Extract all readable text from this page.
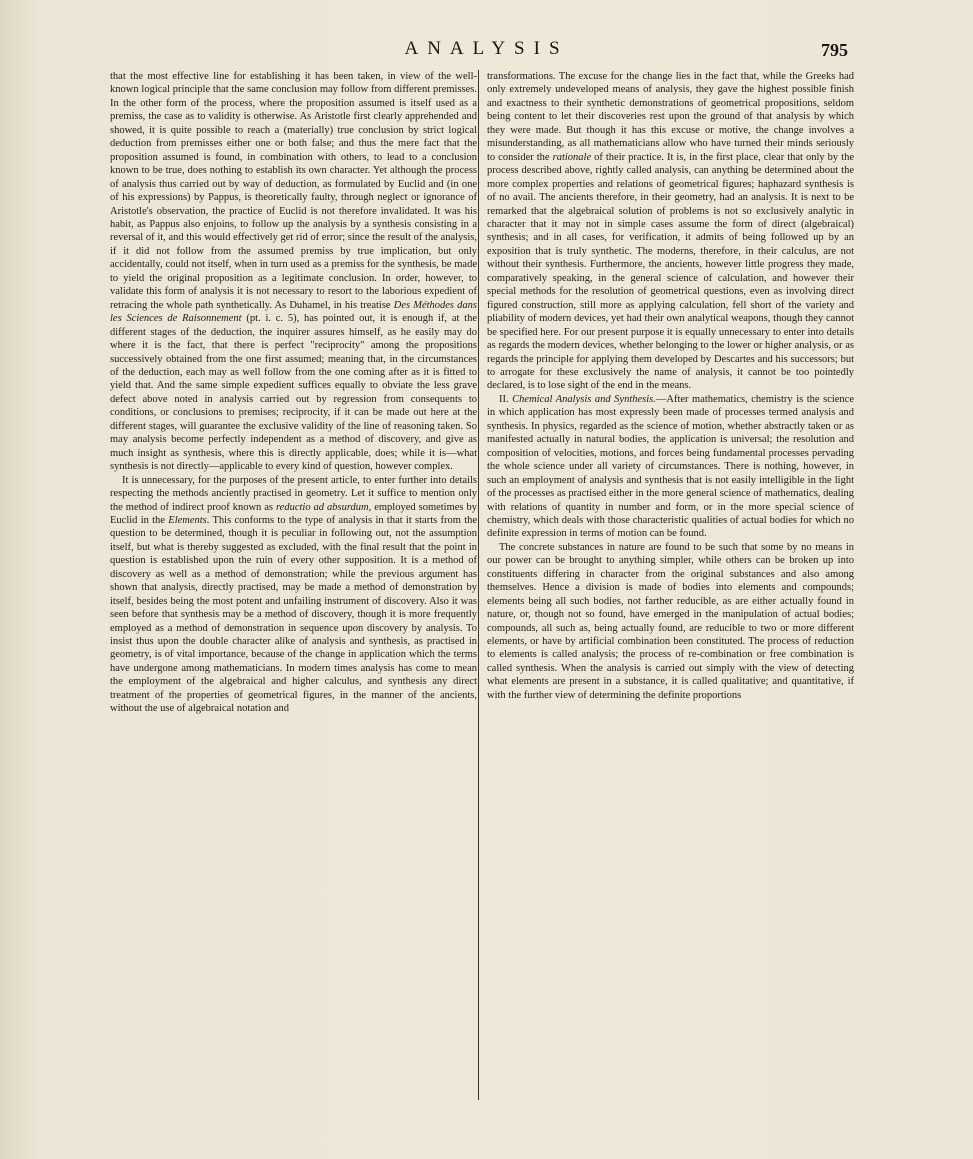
ANALYSIS	795

that the most effective line for establishing it has been taken, in view of the well-known logical principle that the same conclusion may follow from different premisses. In the other form of the process, where the proposition assumed is itself used as a premiss, the case as to validity is otherwise. As Aristotle first clearly apprehended and showed, it is quite possible to reach a (materially) true conclusion by strict logical deduction from premisses either one or both false; and thus the mere fact that the proposition assumed is found, in combination with others, to lead to a conclusion known to be true, does nothing to establish its own character. Yet although the process of analysis thus carried out by way of deduction, as formulated by Euclid and (in one of his expressions) by Pappus, is theoretically faulty, through neglect or ignorance of Aristotle's observation, the practice of Euclid is not therefore invalidated. It was his habit, as Pappus also enjoins, to follow up the analysis by a synthesis consisting in a reversal of it, and this would effectively get rid of error; since the result of the analysis, if it did not follow from the assumed premiss by true implication, but only accidentally, could not itself, when in turn used as a premiss for the synthesis, be made to yield the original proposition as a legitimate conclusion. In order, however, to validate this form of analysis it is not necessary to resort to the laborious expedient of retracing the whole path synthetically. As Duhamel, in his treatise Des Méthodes dans les Sciences de Raisonnement (pt. i. c. 5), has pointed out, it is enough if, at the different stages of the deduction, the inquirer assures himself, as he easily may do where it is the fact, that there is perfect "reciprocity" among the propositions successively obtained from the one first assumed; meaning that, in the circumstances of the deduction, each may as well follow from the one coming after as it is fitted to yield that. And the same simple expedient suffices equally to obviate the less grave defect above noted in analysis carried out by regression from consequents to conditions, or conclusions to premises; reciprocity, if it can be made out here at the different stages, will guarantee the exclusive validity of the line of reasoning taken. So may analysis become perfectly independent as a method of discovery, and give as much insight as synthesis, where this is directly applicable, does; while it is—what synthesis is not directly—applicable to every kind of question, however complex.

It is unnecessary, for the purposes of the present article, to enter further into details respecting the methods anciently practised in geometry. Let it suffice to mention only the method of indirect proof known as reductio ad absurdum, employed sometimes by Euclid in the Elements. This conforms to the type of analysis in that it starts from the question to be determined, though it is peculiar in following out, not the assumption itself, but what is thereby suggested as excluded, with the final result that the point in question is established upon the ruin of every other supposition. It is a method of discovery as well as a method of demonstration; while the previous argument has shown that analysis, directly practised, may be made a method of demonstration by itself, besides being the most potent and unfailing instrument of discovery. Also it was seen before that synthesis may be a method of discovery, though it is more frequently employed as a method of demonstration in sequence upon discovery by analysis. To insist thus upon the double character alike of analysis and synthesis, as practised in geometry, is of vital importance, because of the change in application which the terms have undergone among mathematicians. In modern times analysis has come to mean the employment of the algebraical and higher calculus, and synthesis any direct treatment of the properties of geometrical figures, in the manner of the ancients, without the use of algebraical notation and

transformations. The excuse for the change lies in the fact that, while the Greeks had only extremely undeveloped means of analysis, they gave the highest possible finish and exactness to their synthetic demonstrations of geometrical propositions, seldom being content to let their discoveries rest upon the ground of that analysis by which they were made. But though it has this excuse or motive, the change involves a misunderstanding, as all mathematicians allow who have turned their minds seriously to consider the rationale of their practice. It is, in the first place, clear that only by the process described above, rightly called analysis, can anything be determined about the more complex properties and relations of geometrical figures; haphazard synthesis is of no avail. The ancients therefore, in their geometry, had an analysis. It is next to be remarked that the algebraical solution of problems is not so exclusively analytic in character that it may not in simple cases assume the form of direct (algebraical) synthesis; and in all cases, for verification, it admits of being followed up by an exposition that is truly synthetic. The moderns, therefore, in their calculus, are not without their synthesis. Furthermore, the ancients, however little progress they made, comparatively speaking, in the general science of calculation, and however their special methods for the resolution of geometrical questions, even as involving direct figured construction, still more as applying calculation, fell short of the variety and pliability of modern devices, yet had their own analytical weapons, though they cannot be specified here. For our present purpose it is equally unnecessary to enter into details as regards the modern devices, whether belonging to the lower or higher analysis, or as regards the principle for applying them developed by Descartes and his successors; but to arrogate for these exclusively the name of analysis, it cannot be too pointedly declared, is to lose sight of the end in the means.

II. Chemical Analysis and Synthesis.—After mathematics, chemistry is the science in which application has most expressly been made of processes termed analysis and synthesis. In physics, regarded as the science of motion, whether abstractly taken or as manifested actually in natural bodies, the application is universal; the resolution and composition of velocities, motions, and forces being fundamental processes pervading the whole science under all variety of circumstances. There is nothing, however, in such an employment of analysis and synthesis that is not easily intelligible in the light of the processes as practised either in the more general science of mathematics, dealing with relations of quantity in number and form, or in the more special science of chemistry, which deals with those characteristic qualities of actual bodies for which no definite expression in terms of motion can be found.

The concrete substances in nature are found to be such that some by no means in our power can be brought to anything simpler, while others can be broken up into constituents differing in character from the original substances and also among themselves. Hence a division is made of bodies into elements and compounds; elements being all such bodies, not farther reducible, as are either actually found in nature, or, though not so found, have emerged in the manipulation of actual bodies; compounds, all such as, being actually found, are reducible to two or more different elements, or have by artificial combination been constituted. The process of reduction to elements is called analysis; the process of re-combination or free combination is called synthesis. When the analysis is carried out simply with the view of detecting what elements are present in a substance, it is called qualitative; and quantitative, if with the further view of determining the definite proportions
